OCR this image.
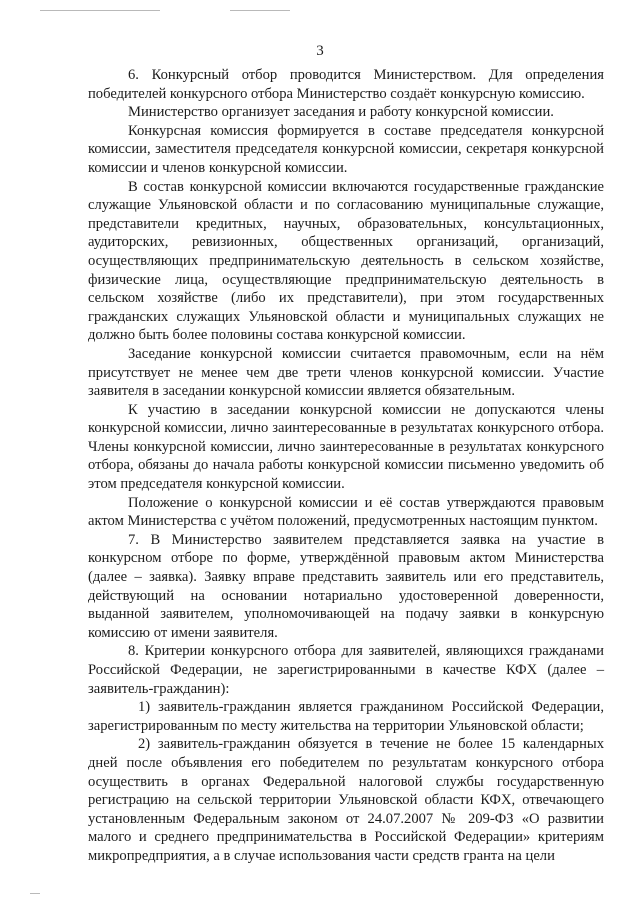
3

6. Конкурсный отбор проводится Министерством. Для определения победителей конкурсного отбора Министерство создаёт конкурсную комиссию.

Министерство организует заседания и работу конкурсной комиссии.

Конкурсная комиссия формируется в составе председателя конкурсной комиссии, заместителя председателя конкурсной комиссии, секретаря конкурсной комиссии и членов конкурсной комиссии.

В состав конкурсной комиссии включаются государственные гражданские служащие Ульяновской области и по согласованию муниципальные служащие, представители кредитных, научных, образовательных, консультационных, аудиторских, ревизионных, общественных организаций, организаций, осуществляющих предпринимательскую деятельность в сельском хозяйстве, физические лица, осуществляющие предпринимательскую деятельность в сельском хозяйстве (либо их представители), при этом государственных гражданских служащих Ульяновской области и муниципальных служащих не должно быть более половины состава конкурсной комиссии.

Заседание конкурсной комиссии считается правомочным, если на нём присутствует не менее чем две трети членов конкурсной комиссии. Участие заявителя в заседании конкурсной комиссии является обязательным.

К участию в заседании конкурсной комиссии не допускаются члены конкурсной комиссии, лично заинтересованные в результатах конкурсного отбора. Члены конкурсной комиссии, лично заинтересованные в результатах конкурсного отбора, обязаны до начала работы конкурсной комиссии письменно уведомить об этом председателя конкурсной комиссии.

Положение о конкурсной комиссии и её состав утверждаются правовым актом Министерства с учётом положений, предусмотренных настоящим пунктом.

7. В Министерство заявителем представляется заявка на участие в конкурсном отборе по форме, утверждённой правовым актом Министерства (далее – заявка). Заявку вправе представить заявитель или его представитель, действующий на основании нотариально удостоверенной доверенности, выданной заявителем, уполномочивающей на подачу заявки в конкурсную комиссию от имени заявителя.

8. Критерии конкурсного отбора для заявителей, являющихся гражданами Российской Федерации, не зарегистрированными в качестве КФХ (далее – заявитель-гражданин):

1) заявитель-гражданин является гражданином Российской Федерации, зарегистрированным по месту жительства на территории Ульяновской области;

2) заявитель-гражданин обязуется в течение не более 15 календарных дней после объявления его победителем по результатам конкурсного отбора осуществить в органах Федеральной налоговой службы государственную регистрацию на сельской территории Ульяновской области КФХ, отвечающего установленным Федеральным законом от 24.07.2007 № 209-ФЗ «О развитии малого и среднего предпринимательства в Российской Федерации» критериям микропредприятия, а в случае использования части средств гранта на цели
